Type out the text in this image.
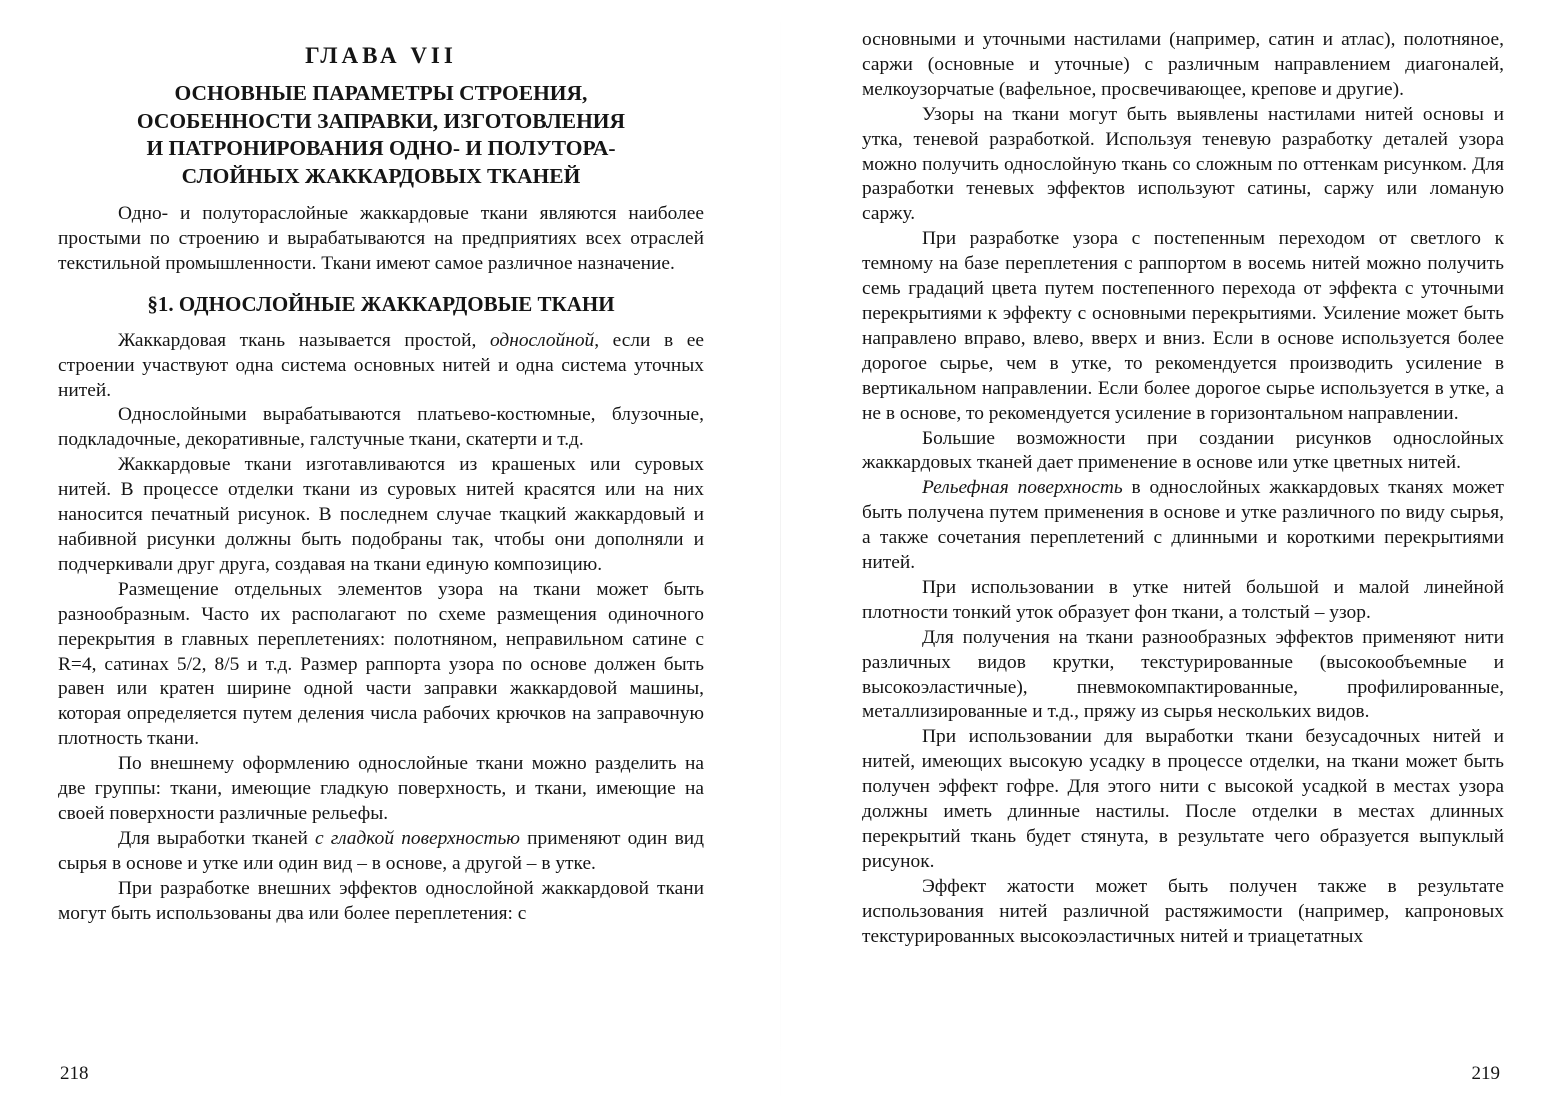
ГЛАВА VII
ОСНОВНЫЕ ПАРАМЕТРЫ СТРОЕНИЯ,
ОСОБЕННОСТИ ЗАПРАВКИ, ИЗГОТОВЛЕНИЯ
И ПАТРОНИРОВАНИЯ ОДНО- И ПОЛУТОРА-
СЛОЙНЫХ ЖАККАРДОВЫХ ТКАНЕЙ

Одно- и полуторaслойные жаккардовые ткани являются наиболее простыми по строению и вырабатываются на предприятиях всех отраслей текстильной промышленности. Ткани имеют самое различное назначение.

§1. ОДНОСЛОЙНЫЕ ЖАККАРДОВЫЕ ТКАНИ

Жаккардовая ткань называется простой, однослойной, если в ее строении участвуют одна система основных нитей и одна система уточных нитей.

Однослойными вырабатываются платьево-костюмные, блузочные, подкладочные, декоративные, галстучные ткани, скатерти и т.д.

Жаккардовые ткани изготавливаются из крашеных или суровых нитей. В процессе отделки ткани из суровых нитей красятся или на них наносится печатный рисунок. В последнем случае ткацкий жаккардовый и набивной рисунки должны быть подобраны так, чтобы они дополняли и подчеркивали друг друга, создавая на ткани единую композицию.

Размещение отдельных элементов узора на ткани может быть разнообразным. Часто их располагают по схеме размещения одиночного перекрытия в главных переплетениях: полотняном, неправильном сатине с R=4, сатинах 5/2, 8/5 и т.д. Размер раппорта узора по основе должен быть равен или кратен ширине одной части заправки жаккардовой машины, которая определяется путем деления числа рабочих крючков на заправочную плотность ткани.

По внешнему оформлению однослойные ткани можно разделить на две группы: ткани, имеющие гладкую поверхность, и ткани, имеющие на своей поверхности различные рельефы.

Для выработки тканей с гладкой поверхностью применяют один вид сырья в основе и утке или один вид – в основе, а другой – в утке.

При разработке внешних эффектов однослойной жаккардовой ткани могут быть использованы два или более переплетения: с

218

основными и уточными настилами (например, сатин и атлас), полотняное, саржи (основные и уточные) с различным направлением диагоналей, мелкоузорчатые (вафельное, просвечивающее, крепове и другие).

Узоры на ткани могут быть выявлены настилами нитей основы и утка, теневой разработкой. Используя теневую разработку деталей узора можно получить однослойную ткань со сложным по оттенкам рисунком. Для разработки теневых эффектов используют сатины, саржу или ломаную саржу.

При разработке узора с постепенным переходом от светлого к темному на базе переплетения с раппортом в восемь нитей можно получить семь градаций цвета путем постепенного перехода от эффекта с уточными перекрытиями к эффекту с основными перекрытиями. Усиление может быть направлено вправо, влево, вверх и вниз. Если в основе используется более дорогое сырье, чем в утке, то рекомендуется производить усиление в вертикальном направлении. Если более дорогое сырье используется в утке, а не в основе, то рекомендуется усиление в горизонтальном направлении.

Большие возможности при создании рисунков однослойных жаккардовых тканей дает применение в основе или утке цветных нитей.

Рельефная поверхность в однослойных жаккардовых тканях может быть получена путем применения в основе и утке различного по виду сырья, а также сочетания переплетений с длинными и короткими перекрытиями нитей.

При использовании в утке нитей большой и малой линейной плотности тонкий уток образует фон ткани, а толстый – узор.

Для получения на ткани разнообразных эффектов применяют нити различных видов крутки, текстурированные (высокообъемные и высокоэластичные), пневмокомпактированные, профилированные, металлизированные и т.д., пряжу из сырья нескольких видов.

При использовании для выработки ткани безусадочных нитей и нитей, имеющих высокую усадку в процессе отделки, на ткани может быть получен эффект гофре. Для этого нити с высокой усадкой в местах узора должны иметь длинные настилы. После отделки в местах длинных перекрытий ткань будет стянута, в результате чего образуется выпуклый рисунок.

Эффект жатости может быть получен также в результате использования нитей различной растяжимости (например, капроновых текстурированных высокоэластичных нитей и триацетатных

219
